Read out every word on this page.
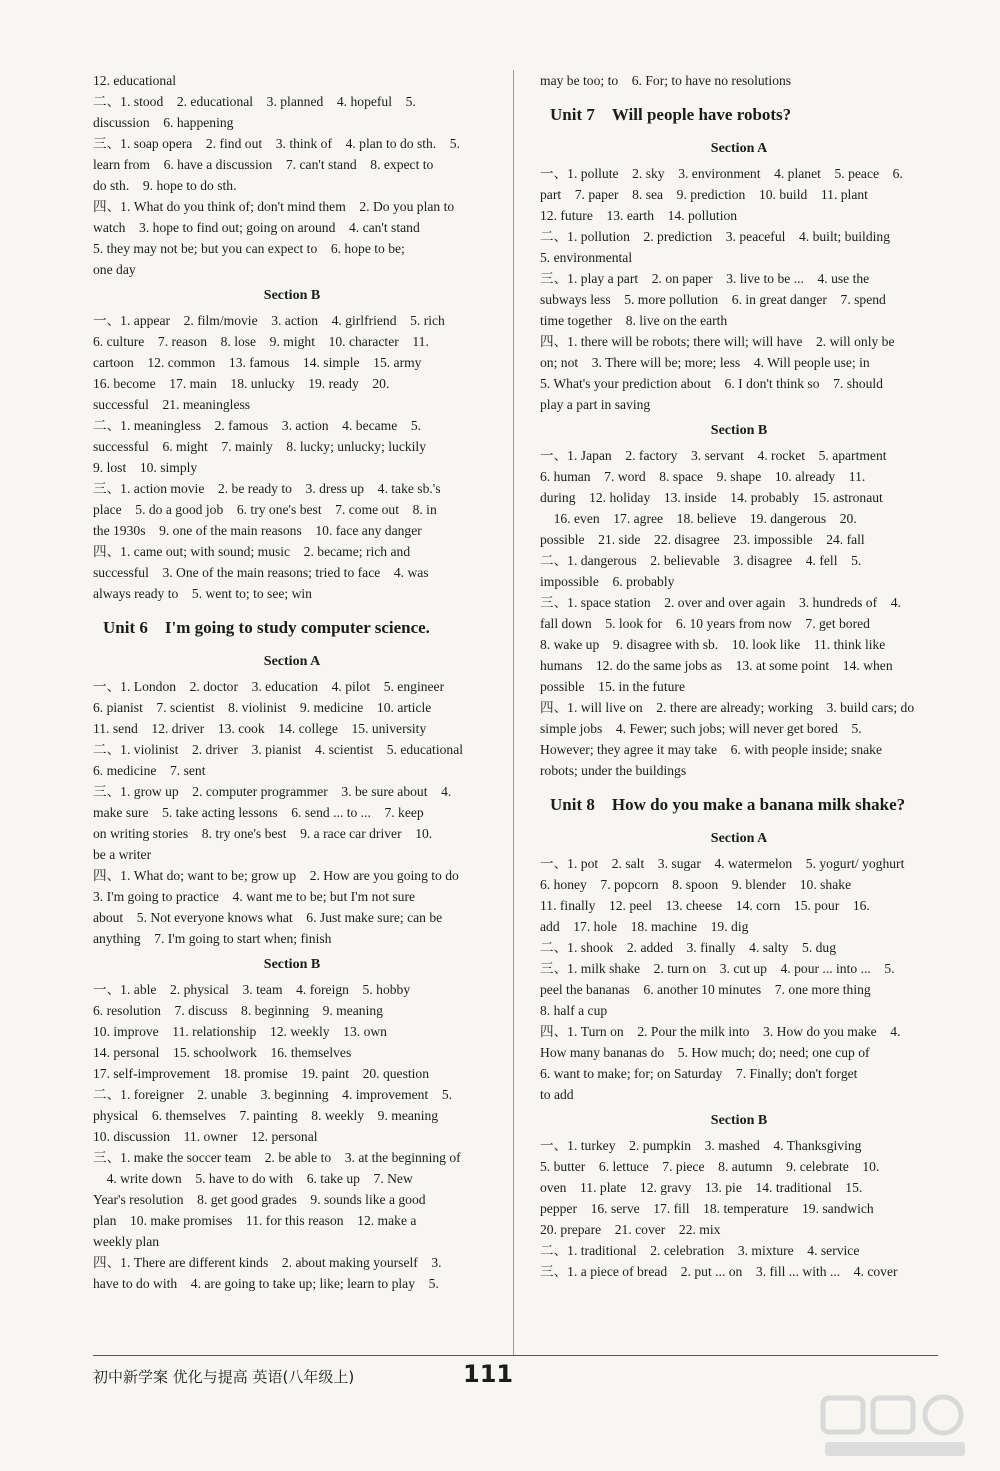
12. educational
二、1. stood　2. educational　3. planned　4. hopeful　5.
discussion　6. happening
三、1. soap opera　2. find out　3. think of　4. plan to do sth.　5.
learn from　6. have a discussion　7. can't stand　8. expect to
do sth.　9. hope to do sth.
四、1. What do you think of; don't mind them　2. Do you plan to
watch　3. hope to find out; going on around　4. can't stand
5. they may not be; but you can expect to　6. hope to be;
one day
Section B
一、1. appear　2. film/movie　3. action　4. girlfriend　5. rich
6. culture　7. reason　8. lose　9. might　10. character　11.
cartoon　12. common　13. famous　14. simple　15. army
16. become　17. main　18. unlucky　19. ready　20.
successful　21. meaningless
二、1. meaningless　2. famous　3. action　4. became　5.
successful　6. might　7. mainly　8. lucky; unlucky; luckily
9. lost　10. simply
三、1. action movie　2. be ready to　3. dress up　4. take sb.'s
place　5. do a good job　6. try one's best　7. come out　8. in
the 1930s　9. one of the main reasons　10. face any danger
四、1. came out; with sound; music　2. became; rich and
successful　3. One of the main reasons; tried to face　4. was
always ready to　5. went to; to see; win
Unit 6　I'm going to study computer science.
Section A
一、1. London　2. doctor　3. education　4. pilot　5. engineer
6. pianist　7. scientist　8. violinist　9. medicine　10. article
11. send　12. driver　13. cook　14. college　15. university
二、1. violinist　2. driver　3. pianist　4. scientist　5. educational
6. medicine　7. sent
三、1. grow up　2. computer programmer　3. be sure about　4.
make sure　5. take acting lessons　6. send ... to ...　7. keep
on writing stories　8. try one's best　9. a race car driver　10.
be a writer
四、1. What do; want to be; grow up　2. How are you going to do
3. I'm going to practice　4. want me to be; but I'm not sure
about　5. Not everyone knows what　6. Just make sure; can be
anything　7. I'm going to start when; finish
Section B
一、1. able　2. physical　3. team　4. foreign　5. hobby
6. resolution　7. discuss　8. beginning　9. meaning
10. improve　11. relationship　12. weekly　13. own
14. personal　15. schoolwork　16. themselves
17. self-improvement　18. promise　19. paint　20. question
二、1. foreigner　2. unable　3. beginning　4. improvement　5.
physical　6. themselves　7. painting　8. weekly　9. meaning
10. discussion　11. owner　12. personal
三、1. make the soccer team　2. be able to　3. at the beginning of
　4. write down　5. have to do with　6. take up　7. New
Year's resolution　8. get good grades　9. sounds like a good
plan　10. make promises　11. for this reason　12. make a
weekly plan
四、1. There are different kinds　2. about making yourself　3.
have to do with　4. are going to take up; like; learn to play　5.
may be too; to　6. For; to have no resolutions
Unit 7　Will people have robots?
Section A
一、1. pollute　2. sky　3. environment　4. planet　5. peace　6.
part　7. paper　8. sea　9. prediction　10. build　11. plant
12. future　13. earth　14. pollution
二、1. pollution　2. prediction　3. peaceful　4. built; building
5. environmental
三、1. play a part　2. on paper　3. live to be ...　4. use the
subways less　5. more pollution　6. in great danger　7. spend
time together　8. live on the earth
四、1. there will be robots; there will; will have　2. will only be
on; not　3. There will be; more; less　4. Will people use; in
5. What's your prediction about　6. I don't think so　7. should
play a part in saving
Section B
一、1. Japan　2. factory　3. servant　4. rocket　5. apartment
6. human　7. word　8. space　9. shape　10. already　11.
during　12. holiday　13. inside　14. probably　15. astronaut
　16. even　17. agree　18. believe　19. dangerous　20.
possible　21. side　22. disagree　23. impossible　24. fall
二、1. dangerous　2. believable　3. disagree　4. fell　5.
impossible　6. probably
三、1. space station　2. over and over again　3. hundreds of　4.
fall down　5. look for　6. 10 years from now　7. get bored
8. wake up　9. disagree with sb.　10. look like　11. think like
humans　12. do the same jobs as　13. at some point　14. when
possible　15. in the future
四、1. will live on　2. there are already; working　3. build cars; do
simple jobs　4. Fewer; such jobs; will never get bored　5.
However; they agree it may take　6. with people inside; snake
robots; under the buildings
Unit 8　How do you make a banana milk shake?
Section A
一、1. pot　2. salt　3. sugar　4. watermelon　5. yogurt/ yoghurt
6. honey　7. popcorn　8. spoon　9. blender　10. shake
11. finally　12. peel　13. cheese　14. corn　15. pour　16.
add　17. hole　18. machine　19. dig
二、1. shook　2. added　3. finally　4. salty　5. dug
三、1. milk shake　2. turn on　3. cut up　4. pour ... into ...　5.
peel the bananas　6. another 10 minutes　7. one more thing
8. half a cup
四、1. Turn on　2. Pour the milk into　3. How do you make　4.
How many bananas do　5. How much; do; need; one cup of
6. want to make; for; on Saturday　7. Finally; don't forget
to add
Section B
一、1. turkey　2. pumpkin　3. mashed　4. Thanksgiving
5. butter　6. lettuce　7. piece　8. autumn　9. celebrate　10.
oven　11. plate　12. gravy　13. pie　14. traditional　15.
pepper　16. serve　17. fill　18. temperature　19. sandwich
20. prepare　21. cover　22. mix
二、1. traditional　2. celebration　3. mixture　4. service
三、1. a piece of bread　2. put ... on　3. fill ... with ...　4. cover
初中新学案 优化与提高 英语(八年级上)	111
